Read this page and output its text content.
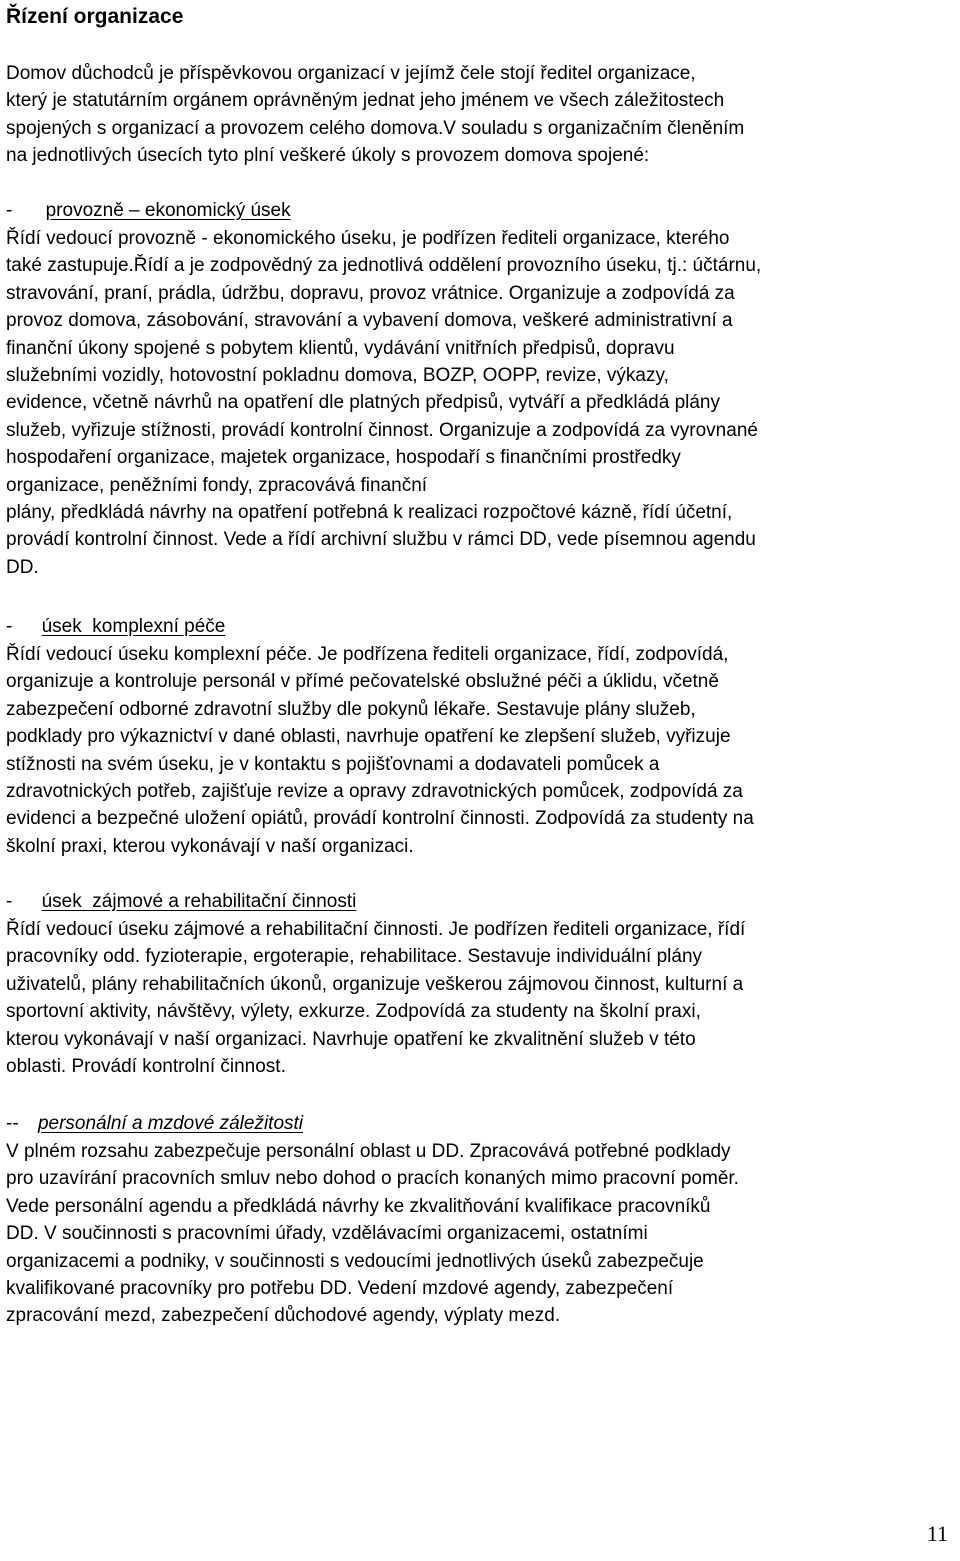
Řízení organizace

Domov důchodců je příspěvkovou organizací v jejímž čele stojí ředitel organizace,
který je statutárním orgánem oprávněným jednat jeho jménem ve všech záležitostech
spojených s organizací a provozem celého domova.V souladu s organizačním členěním
na jednotlivých úsecích tyto plní veškeré úkoly s provozem domova spojené:

- provozně – ekonomický úsek

Řídí vedoucí provozně - ekonomického úseku, je podřízen řediteli organizace, kterého
také zastupuje.Řídí a je zodpovědný za jednotlivá oddělení provozního úseku, tj.: účtárnu,
stravování, praní, prádla, údržbu, dopravu, provoz vrátnice. Organizuje a zodpovídá za
provoz domova, zásobování, stravování a vybavení domova, veškeré administrativní a
finanční úkony spojené s pobytem klientů, vydávání vnitřních předpisů, dopravu
služebními vozidly, hotovostní pokladnu domova, BOZP, OOPP, revize, výkazy,
evidence, včetně návrhů na opatření dle platných předpisů, vytváří a předkládá plány
služeb, vyřizuje stížnosti, provádí kontrolní činnost. Organizuje a zodpovídá za vyrovnané
hospodaření organizace, majetek organizace, hospodaří s finančními prostředky
organizace, peněžními fondy, zpracovává finanční
plány, předkládá návrhy na opatření potřebná k realizaci rozpočtové kázně, řídí účetní,
provádí kontrolní činnost. Vede a řídí archivní službu v rámci DD, vede písemnou agendu
DD.

- úsek  komplexní péče

Řídí vedoucí úseku komplexní péče. Je podřízena řediteli organizace, řídí, zodpovídá,
organizuje a kontroluje personál v přímé pečovatelské obslužné péči a úklidu, včetně
zabezpečení odborné zdravotní služby dle pokynů lékaře. Sestavuje plány služeb,
podklady pro výkaznictví v dané oblasti, navrhuje opatření ke zlepšení služeb, vyřizuje
stížnosti na svém úseku, je v kontaktu s pojišťovnami a dodavateli pomůcek a
zdravotnických potřeb, zajišťuje revize a opravy zdravotnických pomůcek, zodpovídá za
evidenci a bezpečné uložení opiátů, provádí kontrolní činnosti. Zodpovídá za studenty na
školní praxi, kterou vykonávají v naší organizaci.

- úsek  zájmové a rehabilitační činnosti

Řídí vedoucí úseku zájmové a rehabilitační činnosti. Je podřízen řediteli organizace, řídí
pracovníky odd. fyzioterapie, ergoterapie, rehabilitace. Sestavuje individuální plány
uživatelů, plány rehabilitačních úkonů, organizuje veškerou zájmovou činnost, kulturní a
sportovní aktivity, návštěvy, výlety, exkurze. Zodpovídá za studenty na školní praxi,
kterou vykonávají v naší organizaci. Navrhuje opatření ke zkvalitnění služeb v této
oblasti. Provádí kontrolní činnost.

-- personální a mzdové záležitosti

V plném rozsahu zabezpečuje personální oblast u DD. Zpracovává potřebné podklady
pro uzavírání pracovních smluv nebo dohod o pracích konaných mimo pracovní poměr.
Vede personální agendu a předkládá návrhy ke zkvalitňování kvalifikace pracovníků
DD. V součinnosti s pracovními úřady, vzdělávacími organizacemi, ostatními
organizacemi a podniky, v součinnosti s vedoucími jednotlivých úseků zabezpečuje
kvalifikované pracovníky pro potřebu DD. Vedení mzdové agendy, zabezpečení
zpracování mezd, zabezpečení důchodové agendy, výplaty mezd.

11
